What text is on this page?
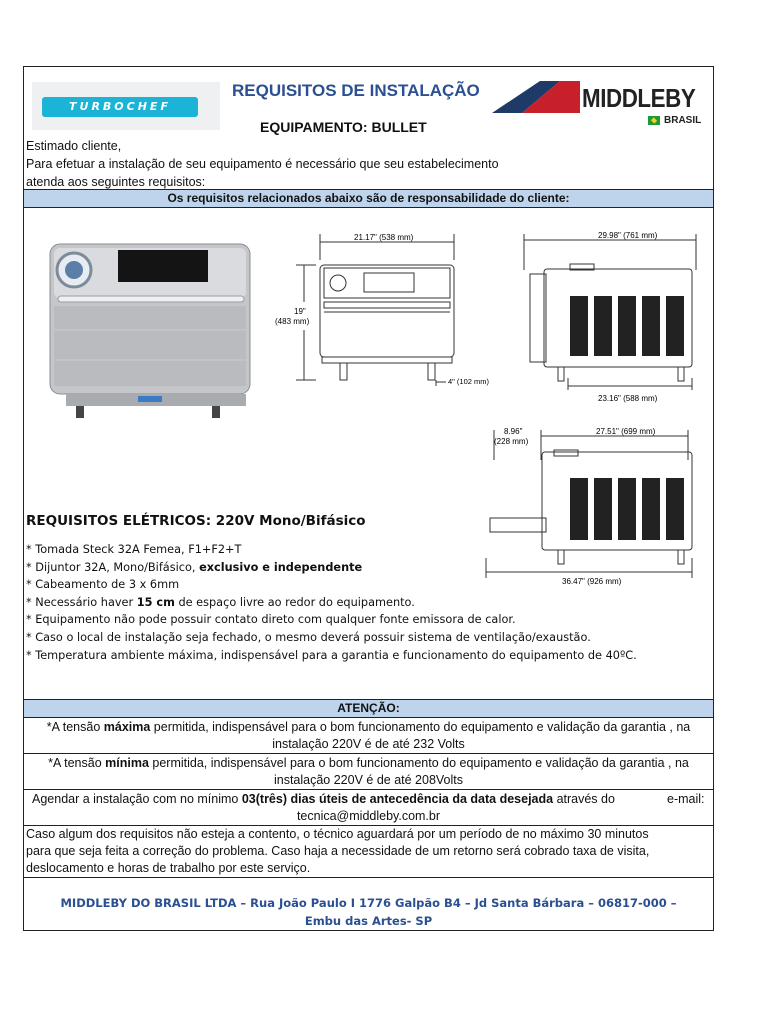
TURBOCHEF
REQUISITOS DE INSTALAÇÃO
EQUIPAMENTO: BULLET
MIDDLEBY
BRASIL
Estimado cliente,
Para efetuar a instalação de seu equipamento é necessário que seu estabelecimento
atenda aos seguintes requisitos:
Os requisitos relacionados abaixo são de responsabilidade do cliente:
21.17" (538 mm)
19"
(483 mm)
4" (102 mm)
29.98" (761 mm)
23.16" (588 mm)
8.96"
(228 mm)
27.51" (699 mm)
36.47" (926 mm)
REQUISITOS ELÉTRICOS: 220V Mono/Bifásico
* Tomada Steck 32A Femea, F1+F2+T
* Dijuntor 32A, Mono/Bifásico, exclusivo e independente
* Cabeamento de 3 x 6mm
* Necessário haver 15 cm de espaço livre ao redor do equipamento.
* Equipamento não pode possuir contato direto com qualquer fonte emissora de calor.
* Caso o local de instalação seja fechado, o mesmo deverá possuir sistema de ventilação/exaustão.
* Temperatura ambiente máxima, indispensável para a garantia e funcionamento do equipamento de 40ºC.
ATENÇÃO:

*A tensão máxima permitida, indispensável para o bom funcionamento do equipamento e validação da garantia , na

instalação 220V é de até 232 Volts

*A tensão mínima permitida, indispensável para o bom funcionamento do equipamento e validação da garantia , na

instalação 220V é de até 208Volts

Agendar a instalação com no mínimo 03(três) dias úteis de antecedência da data desejada através do	e-mail:

tecnica@middleby.com.br

Caso algum dos requisitos não esteja a contento, o técnico aguardará por um período de no máximo 30 minutos

para que seja feita a correção do problema. Caso haja a necessidade de um retorno será cobrado taxa de visita,

deslocamento e horas de trabalho por este serviço.

MIDDLEBY DO BRASIL LTDA – Rua João Paulo I 1776 Galpão B4 – Jd Santa Bárbara – 06817-000 –
Embu das Artes- SP
